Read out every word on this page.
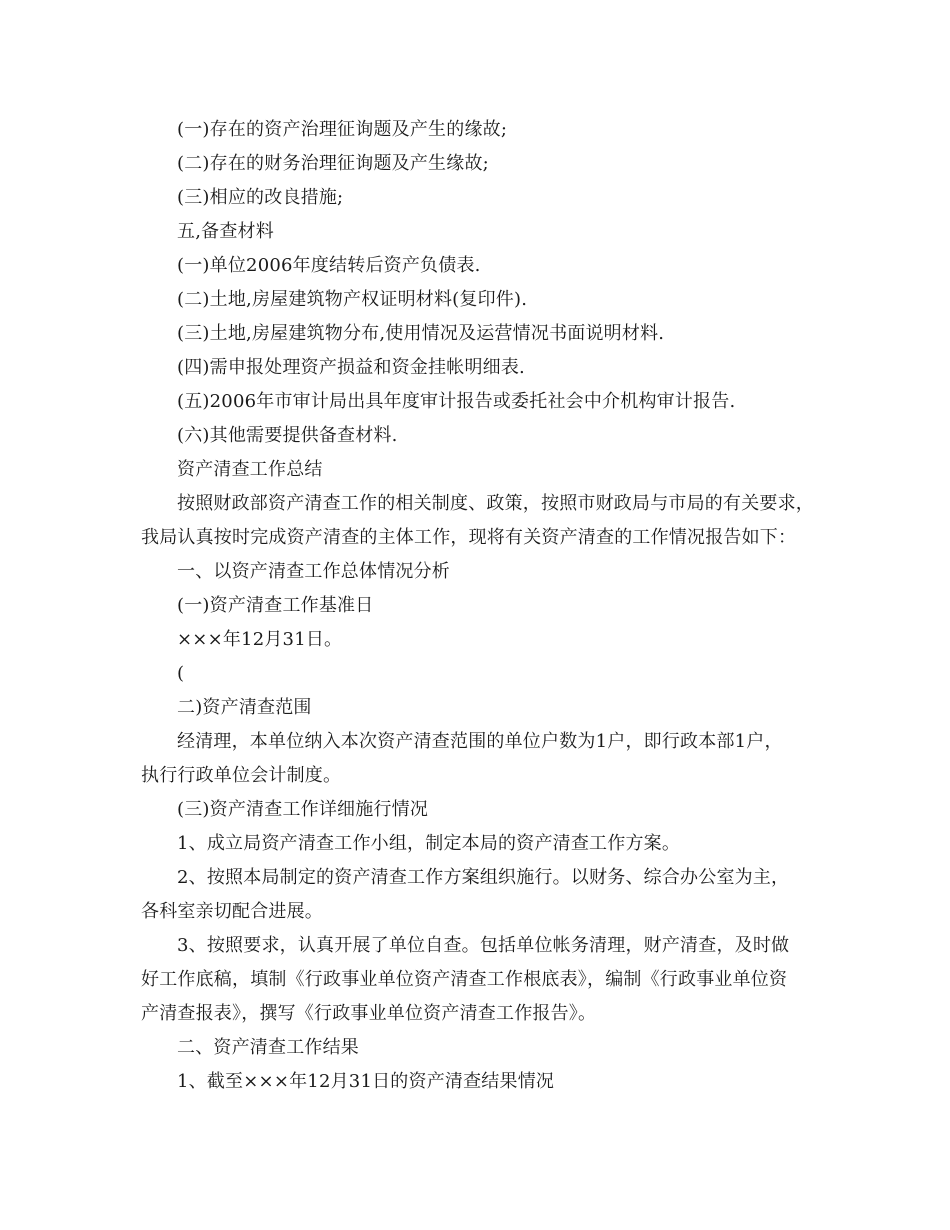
(一)存在的资产治理征询题及产生的缘故;
(二)存在的财务治理征询题及产生缘故;
(三)相应的改良措施;
五,备查材料
(一)单位2006年度结转后资产负债表.
(二)土地,房屋建筑物产权证明材料(复印件).
(三)土地,房屋建筑物分布,使用情况及运营情况书面说明材料.
(四)需申报处理资产损益和资金挂帐明细表.
(五)2006年市审计局出具年度审计报告或委托社会中介机构审计报告.
(六)其他需要提供备查材料.
资产清查工作总结
按照财政部资产清查工作的相关制度、政策，按照市财政局与市局的有关要求，
我局认真按时完成资产清查的主体工作，现将有关资产清查的工作情况报告如下：
一、以资产清查工作总体情况分析
(一)资产清查工作基准日
×××年12月31日。
(
二)资产清查范围
经清理，本单位纳入本次资产清查范围的单位户数为1户，即行政本部1户，
执行行政单位会计制度。
(三)资产清查工作详细施行情况
1、成立局资产清查工作小组，制定本局的资产清查工作方案。
2、按照本局制定的资产清查工作方案组织施行。以财务、综合办公室为主，
各科室亲切配合进展。
3、按照要求，认真开展了单位自查。包括单位帐务清理，财产清查，及时做
好工作底稿，填制《行政事业单位资产清查工作根底表》，编制《行政事业单位资
产清查报表》，撰写《行政事业单位资产清查工作报告》。
二、资产清查工作结果
1、截至×××年12月31日的资产清查结果情况
